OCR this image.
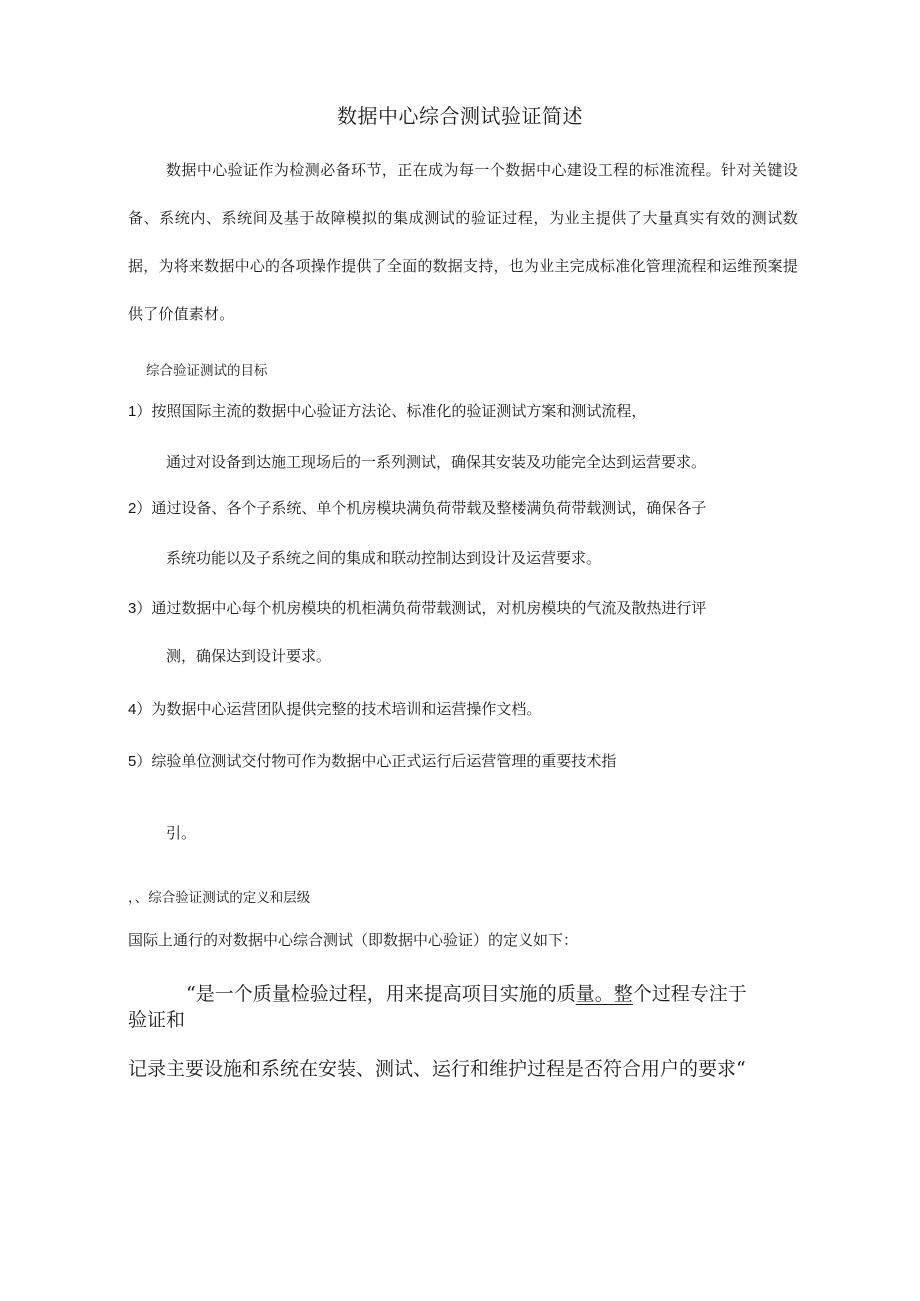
数据中心综合测试验证简述
数据中心验证作为检测必备环节，正在成为每一个数据中心建设工程的标准流程。针对关键设备、系统内、系统间及基于故障模拟的集成测试的验证过程，为业主提供了大量真实有效的测试数据，为将来数据中心的各项操作提供了全面的数据支持，也为业主完成标准化管理流程和运维预案提供了价值素材。
综合验证测试的目标
1）按照国际主流的数据中心验证方法论、标准化的验证测试方案和测试流程，
通过对设备到达施工现场后的一系列测试，确保其安装及功能完全达到运营要求。
2）通过设备、各个子系统、单个机房模块满负荷带载及整楼满负荷带载测试，确保各子
系统功能以及子系统之间的集成和联动控制达到设计及运营要求。
3）通过数据中心每个机房模块的机柜满负荷带载测试，对机房模块的气流及散热进行评
测，确保达到设计要求。
4）为数据中心运营团队提供完整的技术培训和运营操作文档。
5）综验单位测试交付物可作为数据中心正式运行后运营管理的重要技术指
引。
，、综合验证测试的定义和层级
国际上通行的对数据中心综合测试（即数据中心验证）的定义如下：
“是一个质量检验过程，用来提高项目实施的质量。整个过程专注于
验证和
记录主要设施和系统在安装、测试、运行和维护过程是否符合用户的要求“
